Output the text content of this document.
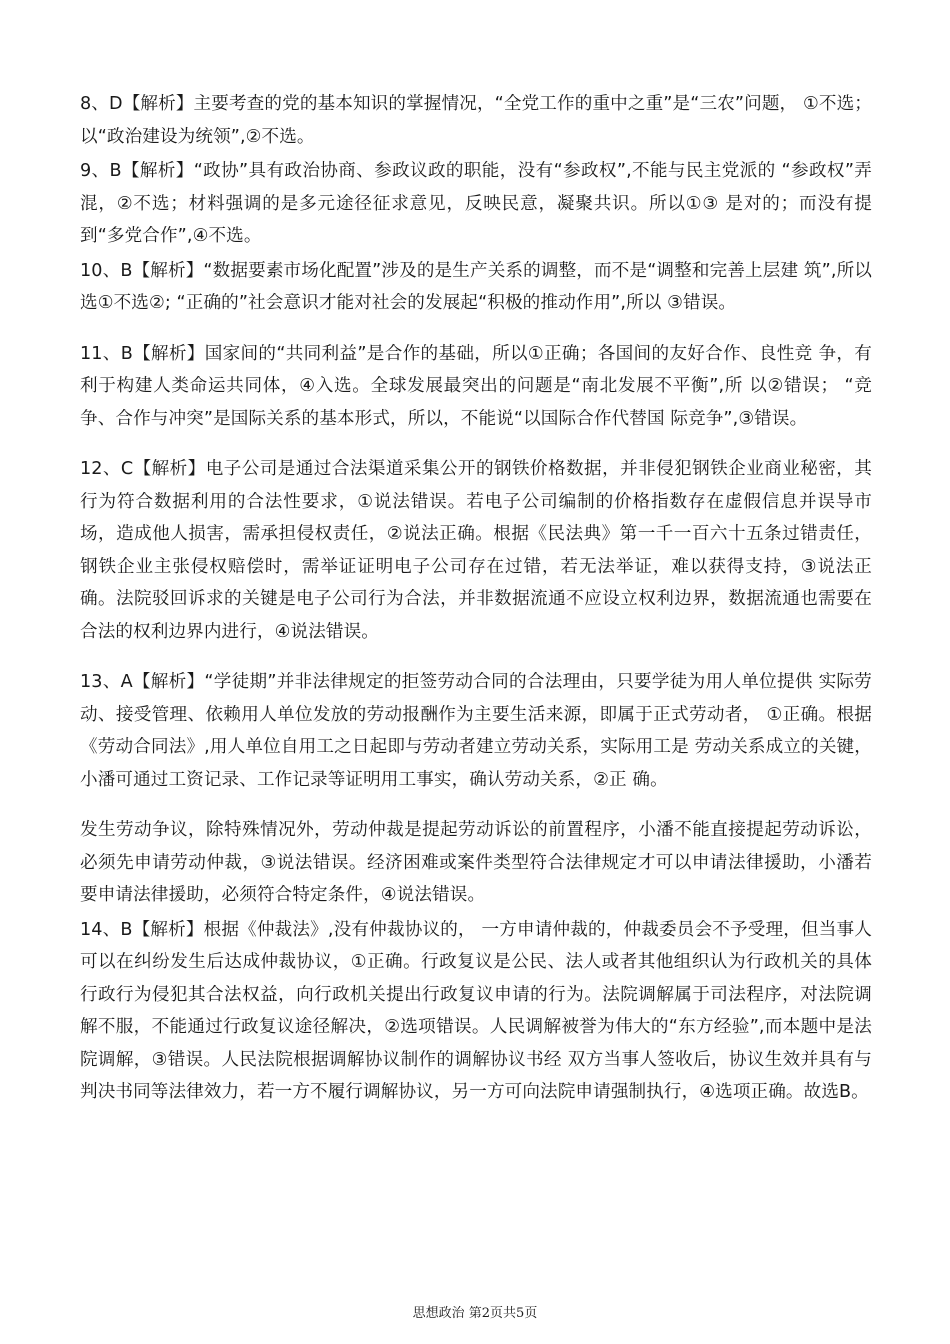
8、D【解析】主要考查的党的基本知识的掌握情况，“全党工作的重中之重”是“三农”问题， ①不选；以“政治建设为统领”,②不选。

9、B【解析】“政协”具有政治协商、参政议政的职能，没有“参政权”,不能与民主党派的 “参政权”弄混，②不选；材料强调的是多元途径征求意见，反映民意，凝聚共识。所以①③ 是对的；而没有提到“多党合作”,④不选。

10、B【解析】“数据要素市场化配置”涉及的是生产关系的调整，而不是“调整和完善上层建 筑”,所以选①不选②; “正确的”社会意识才能对社会的发展起“积极的推动作用”,所以 ③错误。

11、B【解析】国家间的“共同利益”是合作的基础，所以①正确；各国间的友好合作、良性竞 争，有利于构建人类命运共同体，④入选。全球发展最突出的问题是“南北发展不平衡”,所 以②错误； “竞争、合作与冲突”是国际关系的基本形式，所以，不能说“以国际合作代替国 际竞争”,③错误。

12、C【解析】电子公司是通过合法渠道采集公开的钢铁价格数据，并非侵犯钢铁企业商业秘密，其行为符合数据利用的合法性要求，①说法错误。若电子公司编制的价格指数存在虚假信息并误导市场，造成他人损害，需承担侵权责任，②说法正确。根据《民法典》第一千一百六十五条过错责任，钢铁企业主张侵权赔偿时，需举证证明电子公司存在过错，若无法举证，难以获得支持，③说法正确。法院驳回诉求的关键是电子公司行为合法，并非数据流通不应设立权利边界，数据流通也需要在合法的权利边界内进行，④说法错误。

13、A【解析】“学徒期”并非法律规定的拒签劳动合同的合法理由，只要学徒为用人单位提供 实际劳动、接受管理、依赖用人单位发放的劳动报酬作为主要生活来源，即属于正式劳动者， ①正确。根据《劳动合同法》,用人单位自用工之日起即与劳动者建立劳动关系，实际用工是 劳动关系成立的关键，小潘可通过工资记录、工作记录等证明用工事实，确认劳动关系，②正 确。

发生劳动争议，除特殊情况外，劳动仲裁是提起劳动诉讼的前置程序，小潘不能直接提起劳动诉讼，必须先申请劳动仲裁，③说法错误。经济困难或案件类型符合法律规定才可以申请法律援助，小潘若要申请法律援助，必须符合特定条件，④说法错误。

14、B【解析】根据《仲裁法》,没有仲裁协议的， 一方申请仲裁的，仲裁委员会不予受理，但当事人可以在纠纷发生后达成仲裁协议，①正确。行政复议是公民、法人或者其他组织认为行政机关的具体行政行为侵犯其合法权益，向行政机关提出行政复议申请的行为。法院调解属于司法程序，对法院调解不服，不能通过行政复议途径解决，②选项错误。人民调解被誉为伟大的“东方经验”,而本题中是法院调解，③错误。人民法院根据调解协议制作的调解协议书经 双方当事人签收后，协议生效并具有与判决书同等法律效力，若一方不履行调解协议，另一方可向法院申请强制执行，④选项正确。故选B。

思想政治 第2页共5页
